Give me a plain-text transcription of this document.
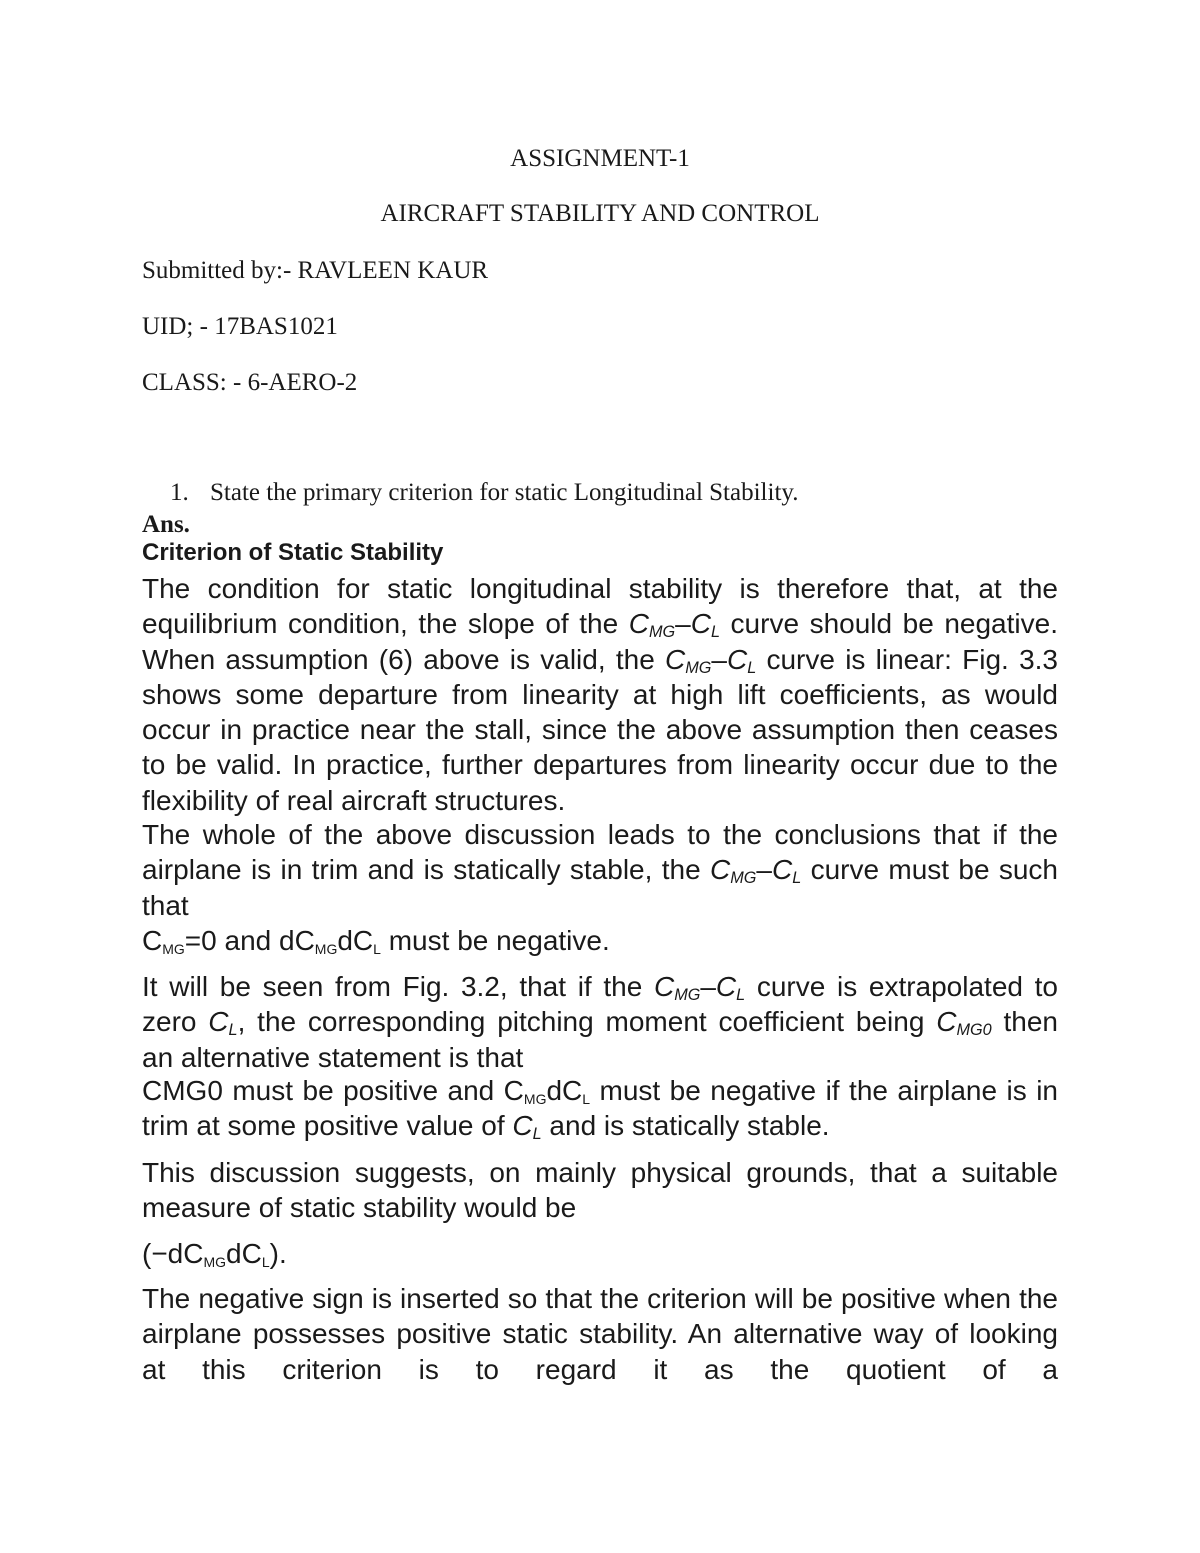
ASSIGNMENT-1
AIRCRAFT STABILITY AND CONTROL
Submitted by:- RAVLEEN KAUR
UID; - 17BAS1021
CLASS: - 6-AERO-2
1. State the primary criterion for static Longitudinal Stability.
Ans.
Criterion of Static Stability
The condition for static longitudinal stability is therefore that, at the equilibrium condition, the slope of the CMG–CL curve should be negative. When assumption (6) above is valid, the CMG–CL curve is linear: Fig. 3.3 shows some departure from linearity at high lift coefficients, as would occur in practice near the stall, since the above assumption then ceases to be valid. In practice, further departures from linearity occur due to the flexibility of real aircraft structures.
The whole of the above discussion leads to the conclusions that if the airplane is in trim and is statically stable, the CMG–CL curve must be such that
$C_{MG}=0$ and $dC_{MG}dC_L$ must be negative.
It will be seen from Fig. 3.2, that if the CMG–CL curve is extrapolated to zero CL, the corresponding pitching moment coefficient being CMG0 then an alternative statement is that
CMG0 must be positive and $C_{MG}dC_L$ must be negative if the airplane is in trim at some positive value of CL and is statically stable.
This discussion suggests, on mainly physical grounds, that a suitable measure of static stability would be
$(-dC_{MG}dC_L)$.
The negative sign is inserted so that the criterion will be positive when the airplane possesses positive static stability. An alternative way of looking at this criterion is to regard it as the quotient of a
